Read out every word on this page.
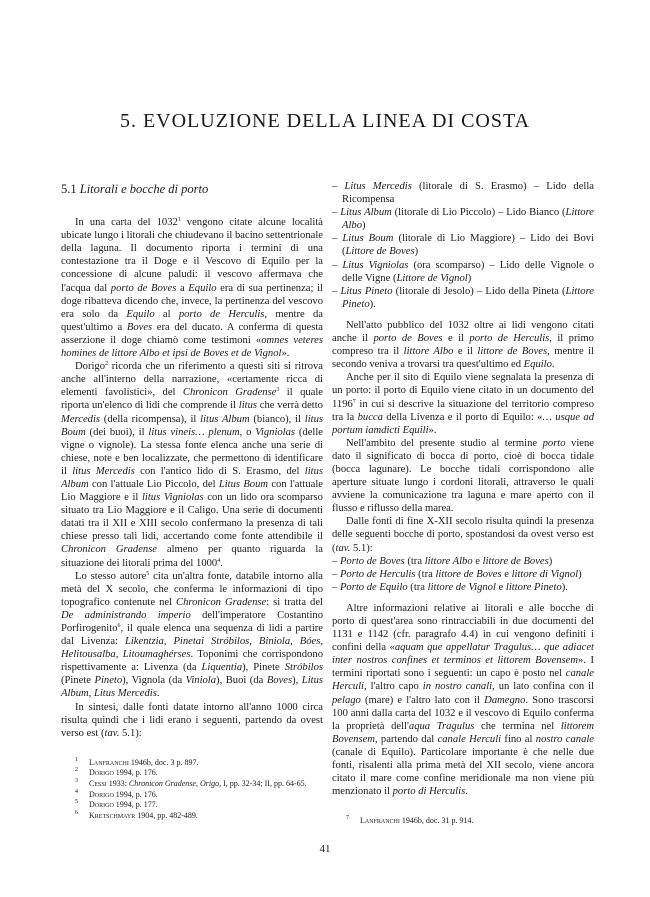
5. EVOLUZIONE DELLA LINEA DI COSTA
5.1 Litorali e bocche di porto

In una carta del 1032$^1$ vengono citate alcune località ubicate lungo i litorali che chiudevano il bacino settentrionale della laguna. Il documento riporta i termini di una contestazione tra il Doge e il Vescovo di Equilo per la concessione di alcune paludi: il vescovo affermava che l'acqua dal porto de Boves a Equilo era di sua pertinenza; il doge ribatteva dicendo che, invece, la pertinenza del vescovo era solo da Equilo al porto de Herculis, mentre da quest'ultimo a Boves era del ducato. A conferma di questa asserzione il doge chiamò come testimoni «omnes veteres homines de littore Albo et ipsi de Boves et de Vignol».

Dorigo$^2$ ricorda che un riferimento a questi siti si ritrova anche all'interno della narrazione, «certamente ricca di elementi favolistici», del Chronicon Gradense$^3$ il quale riporta un'elenco di lidi che comprende il litus che verrà detto Mercedis (della ricompensa), il litus Album (bianco), il litus Boum (dei buoi), il litus vineis… plenum, o Vigniolas (delle vigne o vignole). La stessa fonte elenca anche una serie di chiese, note e ben localizzate, che permettono di identificare il litus Mercedis con l'antico lido di S. Erasmo, del litus Album con l'attuale Lio Piccolo, del Litus Boum con l'attuale Lio Maggiore e il litus Vigniolas con un lido ora scomparso situato tra Lio Maggiore e il Caligo. Una serie di documenti datati tra il XII e XIII secolo confermano la presenza di tali chiese presso tali lidi, accertando come fonte attendibile il Chronicon Gradense almeno per quanto riguarda la situazione dei litorali prima del 1000$^4$.

Lo stesso autore$^5$ cita un'altra fonte, databile intorno alla metà del X secolo, che conferma le informazioni di tipo topografico contenute nel Chronicon Gradense: si tratta del De administrando imperio dell'imperatore Costantino Porfirogenito$^6$, il quale elenca una sequenza di lidi a partire dal Livenza: Likentzia, Pinetai Stróbilos, Biniola, Bóes, Helitousalba, Litoumaghérses. Toponimi che corrispondono rispettivamente a: Livenza (da Liquentia), Pinete Stróbilos (Pinete Pineto), Vignola (da Viniola), Buoi (da Boves), Litus Album, Litus Mercedis.

In sintesi, dalle fonti datate intorno all'anno 1000 circa risulta quindi che i lidi erano i seguenti, partendo da ovest verso est (tav. 5.1):

$^1$ Lanfranchi 1946b, doc. 3 p. 897.
$^2$ Dorigo 1994, p. 176.
$^3$ Cessi 1933: Chronicon Gradense, Origo, I, pp. 32-34; II, pp. 64-65.
$^4$ Dorigo 1994, p. 176.
$^5$ Dorigo 1994, p. 177.
$^6$ Kretschmayr 1904, pp. 482-489.
– Litus Mercedis (litorale di S. Erasmo) – Lido della Ricompensa
– Litus Album (litorale di Lio Piccolo) – Lido Bianco (Littore Albo)
– Litus Boum (litorale di Lio Maggiore) – Lido dei Bovi (Littore de Boves)
– Litus Vigniolas (ora scomparso) – Lido delle Vignole o delle Vigne (Littore de Vignol)
– Litus Pineto (litorale di Jesolo) – Lido della Pineta (Littore Pineto).

Nell'atto pubblico del 1032 oltre ai lidi vengono citati anche il porto de Boves e il porto de Herculis, il primo compreso tra il littore Albo e il littore de Boves, mentre il secondo veniva a trovarsi tra quest'ultimo ed Equilo.

Anche per il sito di Equilo viene segnalata la presenza di un porto: il porto di Equilo viene citato in un documento del 1196$^7$ in cui si descrive la situazione del territorio compreso tra la bucca della Livenza e il porto di Equilo: «… usque ad portum iamdicti Equili».

Nell'ambito del presente studio al termine porto viene dato il significato di bocca di porto, cioè di bocca tidale (bocca lagunare). Le bocche tidali corrispondono alle aperture situate lungo i cordoni litorali, attraverso le quali avviene la comunicazione tra laguna e mare aperto con il flusso e riflusso della marea.

Dalle fonti di fine X-XII secolo risulta quindi la presenza delle seguenti bocche di porto, spostandosi da ovest verso est (tav. 5.1):

– Porto de Boves (tra littore Albo e littore de Boves)
– Porto de Herculis (tra littore de Boves e littore di Vignol)
– Porto de Equilo (tra littore de Vignol e littore Pineto).

Altre informazioni relative ai litorali e alle bocche di porto di quest'area sono rintracciabili in due documenti del 1131 e 1142 (cfr. paragrafo 4.4) in cui vengono definiti i confini della «aquam que appellatur Tragulus… que adiacet inter nostros confines et terminos et littorem Bovensem». I termini riportati sono i seguenti: un capo è posto nel canale Herculi, l'altro capo in nostro canali, un lato confina con il pelago (mare) e l'altro lato con il Damegno. Sono trascorsi 100 anni dalla carta del 1032 e il vescovo di Equilo conferma la proprietà dell'aqua Tragulus che termina nel littorem Bovensem, partendo dal canale Herculi fino al nostro canale (canale di Equilo). Particolare importante è che nelle due fonti, risalenti alla prima metà del XII secolo, viene ancora citato il mare come confine meridionale ma non viene più menzionato il porto di Herculis.

$^7$ Lanfranchi 1946b, doc. 31 p. 914.
41
